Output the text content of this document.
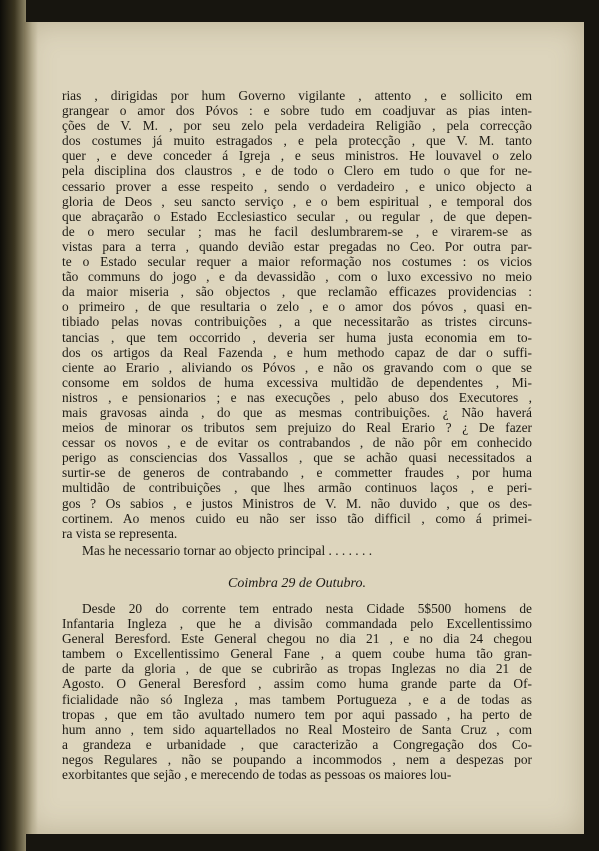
rias , dirigidas por hum Governo vigilante , attento , e sollicito em
grangear o amor dos Póvos : e sobre tudo em coadjuvar as pias inten-
ções de V. M. , por seu zelo pela verdadeira Religião , pela correcção
dos costumes já muito estragados , e pela protecção , que V. M. tanto
quer , e deve conceder á Igreja , e seus ministros. He louvavel o zelo
pela disciplina dos claustros , e de todo o Clero em tudo o que for ne-
cessario prover a esse respeito , sendo o verdadeiro , e unico objecto a
gloria de Deos , seu sancto serviço , e o bem espiritual , e temporal dos
que abraçarão o Estado Ecclesiastico secular , ou regular , de que depen-
de o mero secular ; mas he facil deslumbrarem-se , e virarem-se as
vistas para a terra , quando devião estar pregadas no Ceo. Por outra par-
te o Estado secular requer a maior reformação nos costumes : os vicios
tão communs do jogo , e da devassidão , com o luxo excessivo no meio
da maior miseria , são objectos , que reclamão efficazes providencias :
o primeiro , de que resultaria o zelo , e o amor dos póvos , quasi en-
tibiado pelas novas contribuições , a que necessitarão as tristes circuns-
tancias , que tem occorrido , deveria ser huma justa economia em to-
dos os artigos da Real Fazenda , e hum methodo capaz de dar o suffi-
ciente ao Erario , aliviando os Póvos , e não os gravando com o que se
consome em soldos de huma excessiva multidão de dependentes , Mi-
nistros , e pensionarios ; e nas execuções , pelo abuso dos Executores ,
mais gravosas ainda , do que as mesmas contribuições. ¿ Não haverá
meios de minorar os tributos sem prejuizo do Real Erario ? ¿ De fazer
cessar os novos , e de evitar os contrabandos , de não pôr em conhecido
perigo as consciencias dos Vassallos , que se achão quasi necessitados a
surtir-se de generos de contrabando , e commetter fraudes , por huma
multidão de contribuições , que lhes armão continuos laços , e peri-
gos ? Os sabios , e justos Ministros de V. M. não duvido , que os des-
cortinem. Ao menos cuido eu não ser isso tão difficil , como á primei-
ra vista se representa.

Mas he necessario tornar ao objecto principal . . . . . . .

Coimbra 29 de Outubro.

Desde 20 do corrente tem entrado nesta Cidade 5$500 homens de
Infantaria Ingleza , que he a divisão commandada pelo Excellentissimo
General Beresford. Este General chegou no dia 21 , e no dia 24 chegou
tambem o Excellentissimo General Fane , a quem coube huma tão gran-
de parte da gloria , de que se cubrirão as tropas Inglezas no dia 21 de
Agosto. O General Beresford , assim como huma grande parte da Of-
ficialidade não só Ingleza , mas tambem Portugueza , e a de todas as
tropas , que em tão avultado numero tem por aqui passado , ha perto de
hum anno , tem sido aquartellados no Real Mosteiro de Santa Cruz , com
a grandeza e urbanidade , que caracterizão a Congregação dos Co-
negos Regulares , não se poupando a incommodos , nem a despezas por
exorbitantes que sejão , e merecendo de todas as pessoas os maiores lou-
